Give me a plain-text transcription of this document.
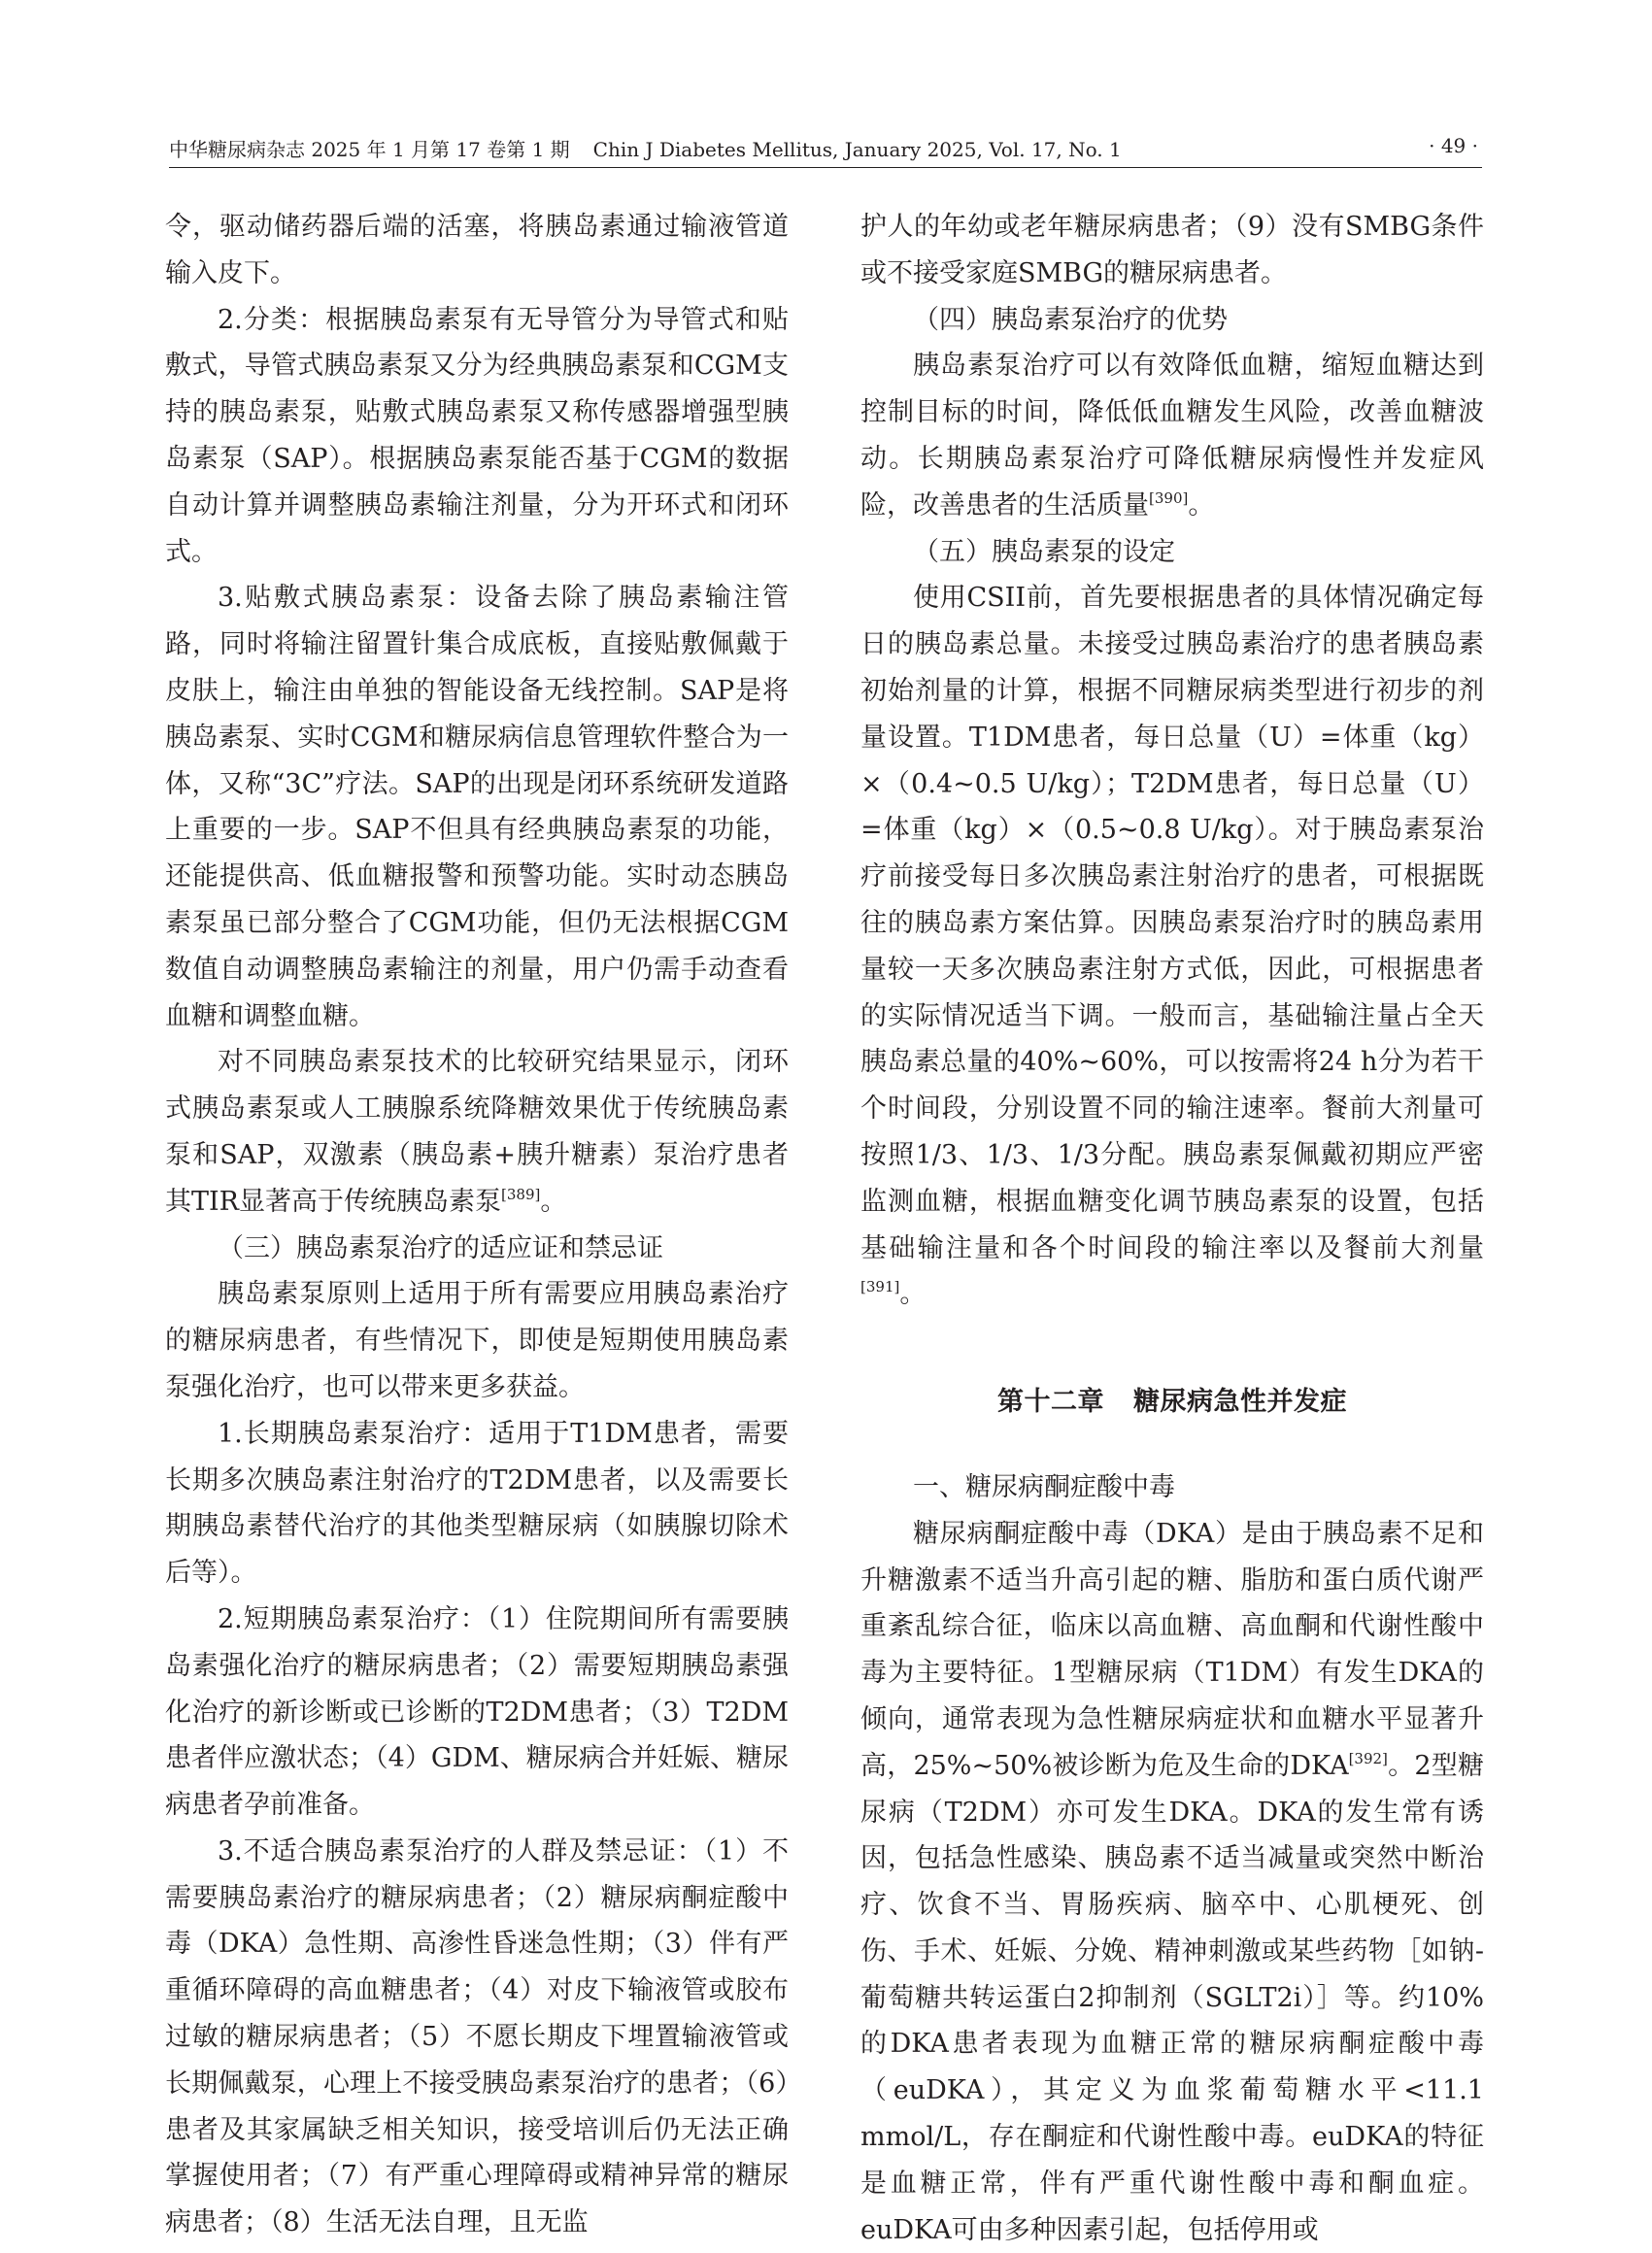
中华糖尿病杂志 2025 年 1 月第 17 卷第 1 期 Chin J Diabetes Mellitus, January 2025, Vol. 17, No. 1	· 49 ·

令，驱动储药器后端的活塞，将胰岛素通过输液管道输入皮下。

2.分类：根据胰岛素泵有无导管分为导管式和贴敷式，导管式胰岛素泵又分为经典胰岛素泵和CGM支持的胰岛素泵，贴敷式胰岛素泵又称传感器增强型胰岛素泵（SAP）。根据胰岛素泵能否基于CGM的数据自动计算并调整胰岛素输注剂量，分为开环式和闭环式。

3.贴敷式胰岛素泵：设备去除了胰岛素输注管路，同时将输注留置针集合成底板，直接贴敷佩戴于皮肤上，输注由单独的智能设备无线控制。SAP是将胰岛素泵、实时CGM和糖尿病信息管理软件整合为一体，又称“3C”疗法。SAP的出现是闭环系统研发道路上重要的一步。SAP不但具有经典胰岛素泵的功能，还能提供高、低血糖报警和预警功能。实时动态胰岛素泵虽已部分整合了CGM功能，但仍无法根据CGM数值自动调整胰岛素输注的剂量，用户仍需手动查看血糖和调整血糖。

对不同胰岛素泵技术的比较研究结果显示，闭环式胰岛素泵或人工胰腺系统降糖效果优于传统胰岛素泵和SAP，双激素（胰岛素+胰升糖素）泵治疗患者其TIR显著高于传统胰岛素泵[389]。

（三）胰岛素泵治疗的适应证和禁忌证

胰岛素泵原则上适用于所有需要应用胰岛素治疗的糖尿病患者，有些情况下，即使是短期使用胰岛素泵强化治疗，也可以带来更多获益。

1.长期胰岛素泵治疗：适用于T1DM患者，需要长期多次胰岛素注射治疗的T2DM患者，以及需要长期胰岛素替代治疗的其他类型糖尿病（如胰腺切除术后等）。

2.短期胰岛素泵治疗：（1）住院期间所有需要胰岛素强化治疗的糖尿病患者；（2）需要短期胰岛素强化治疗的新诊断或已诊断的T2DM患者；（3）T2DM患者伴应激状态；（4）GDM、糖尿病合并妊娠、糖尿病患者孕前准备。

3.不适合胰岛素泵治疗的人群及禁忌证：（1）不需要胰岛素治疗的糖尿病患者；（2）糖尿病酮症酸中毒（DKA）急性期、高渗性昏迷急性期；（3）伴有严重循环障碍的高血糖患者；（4）对皮下输液管或胶布过敏的糖尿病患者；（5）不愿长期皮下埋置输液管或长期佩戴泵，心理上不接受胰岛素泵治疗的患者；（6）患者及其家属缺乏相关知识，接受培训后仍无法正确掌握使用者；（7）有严重心理障碍或精神异常的糖尿病患者；（8）生活无法自理，且无监

护人的年幼或老年糖尿病患者；（9）没有SMBG条件或不接受家庭SMBG的糖尿病患者。

（四）胰岛素泵治疗的优势

胰岛素泵治疗可以有效降低血糖，缩短血糖达到控制目标的时间，降低低血糖发生风险，改善血糖波动。长期胰岛素泵治疗可降低糖尿病慢性并发症风险，改善患者的生活质量[390]。

（五）胰岛素泵的设定

使用CSII前，首先要根据患者的具体情况确定每日的胰岛素总量。未接受过胰岛素治疗的患者胰岛素初始剂量的计算，根据不同糖尿病类型进行初步的剂量设置。T1DM患者，每日总量（U）=体重（kg）×（0.4~0.5 U/kg）；T2DM患者，每日总量（U）=体重（kg）×（0.5~0.8 U/kg）。对于胰岛素泵治疗前接受每日多次胰岛素注射治疗的患者，可根据既往的胰岛素方案估算。因胰岛素泵治疗时的胰岛素用量较一天多次胰岛素注射方式低，因此，可根据患者的实际情况适当下调。一般而言，基础输注量占全天胰岛素总量的40%~60%，可以按需将24 h分为若干个时间段，分别设置不同的输注速率。餐前大剂量可按照1/3、1/3、1/3分配。胰岛素泵佩戴初期应严密监测血糖，根据血糖变化调节胰岛素泵的设置，包括基础输注量和各个时间段的输注率以及餐前大剂量[391]。

第十二章 糖尿病急性并发症

一、糖尿病酮症酸中毒

糖尿病酮症酸中毒（DKA）是由于胰岛素不足和升糖激素不适当升高引起的糖、脂肪和蛋白质代谢严重紊乱综合征，临床以高血糖、高血酮和代谢性酸中毒为主要特征。1型糖尿病（T1DM）有发生DKA的倾向，通常表现为急性糖尿病症状和血糖水平显著升高，25%~50%被诊断为危及生命的DKA[392]。2型糖尿病（T2DM）亦可发生DKA。DKA的发生常有诱因，包括急性感染、胰岛素不适当减量或突然中断治疗、饮食不当、胃肠疾病、脑卒中、心肌梗死、创伤、手术、妊娠、分娩、精神刺激或某些药物［如钠-葡萄糖共转运蛋白2抑制剂（SGLT2i）］等。约10%的DKA患者表现为血糖正常的糖尿病酮症酸中毒（euDKA），其定义为血浆葡萄糖水平<11.1 mmol/L，存在酮症和代谢性酸中毒。euDKA的特征是血糖正常，伴有严重代谢性酸中毒和酮血症。euDKA可由多种因素引起，包括停用或
